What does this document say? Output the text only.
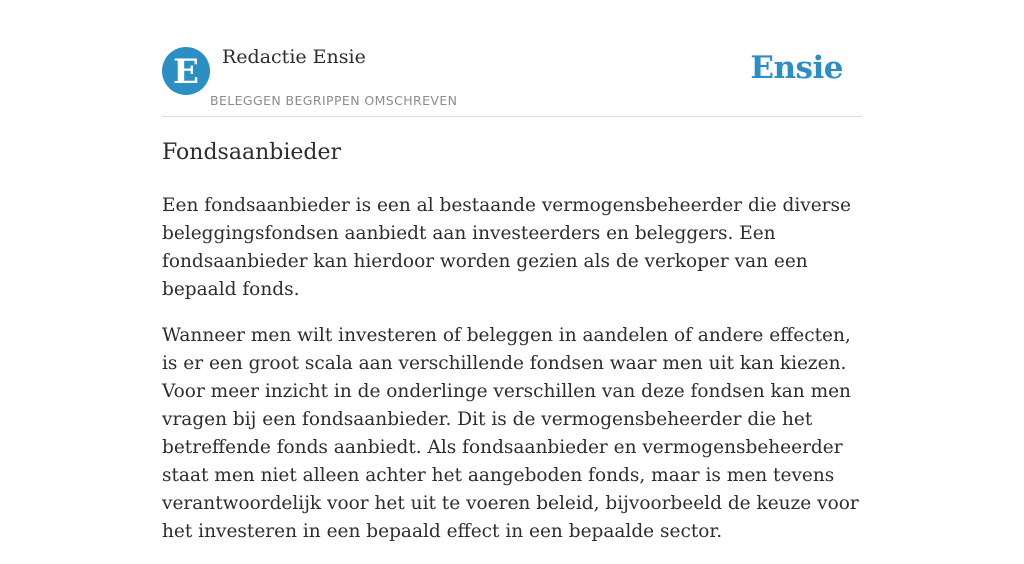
E Redactie Ensie
BELEGGEN BEGRIPPEN OMSCHREVEN
Ensie
Fondsaanbieder

Een fondsaanbieder is een al bestaande vermogensbeheerder die diverse beleggingsfondsen aanbiedt aan investeerders en beleggers. Een fondsaanbieder kan hierdoor worden gezien als de verkoper van een bepaald fonds.

Wanneer men wilt investeren of beleggen in aandelen of andere effecten, is er een groot scala aan verschillende fondsen waar men uit kan kiezen. Voor meer inzicht in de onderlinge verschillen van deze fondsen kan men vragen bij een fondsaanbieder. Dit is de vermogensbeheerder die het betreffende fonds aanbiedt. Als fondsaanbieder en vermogensbeheerder staat men niet alleen achter het aangeboden fonds, maar is men tevens verantwoordelijk voor het uit te voeren beleid, bijvoorbeeld de keuze voor het investeren in een bepaald effect in een bepaalde sector.
